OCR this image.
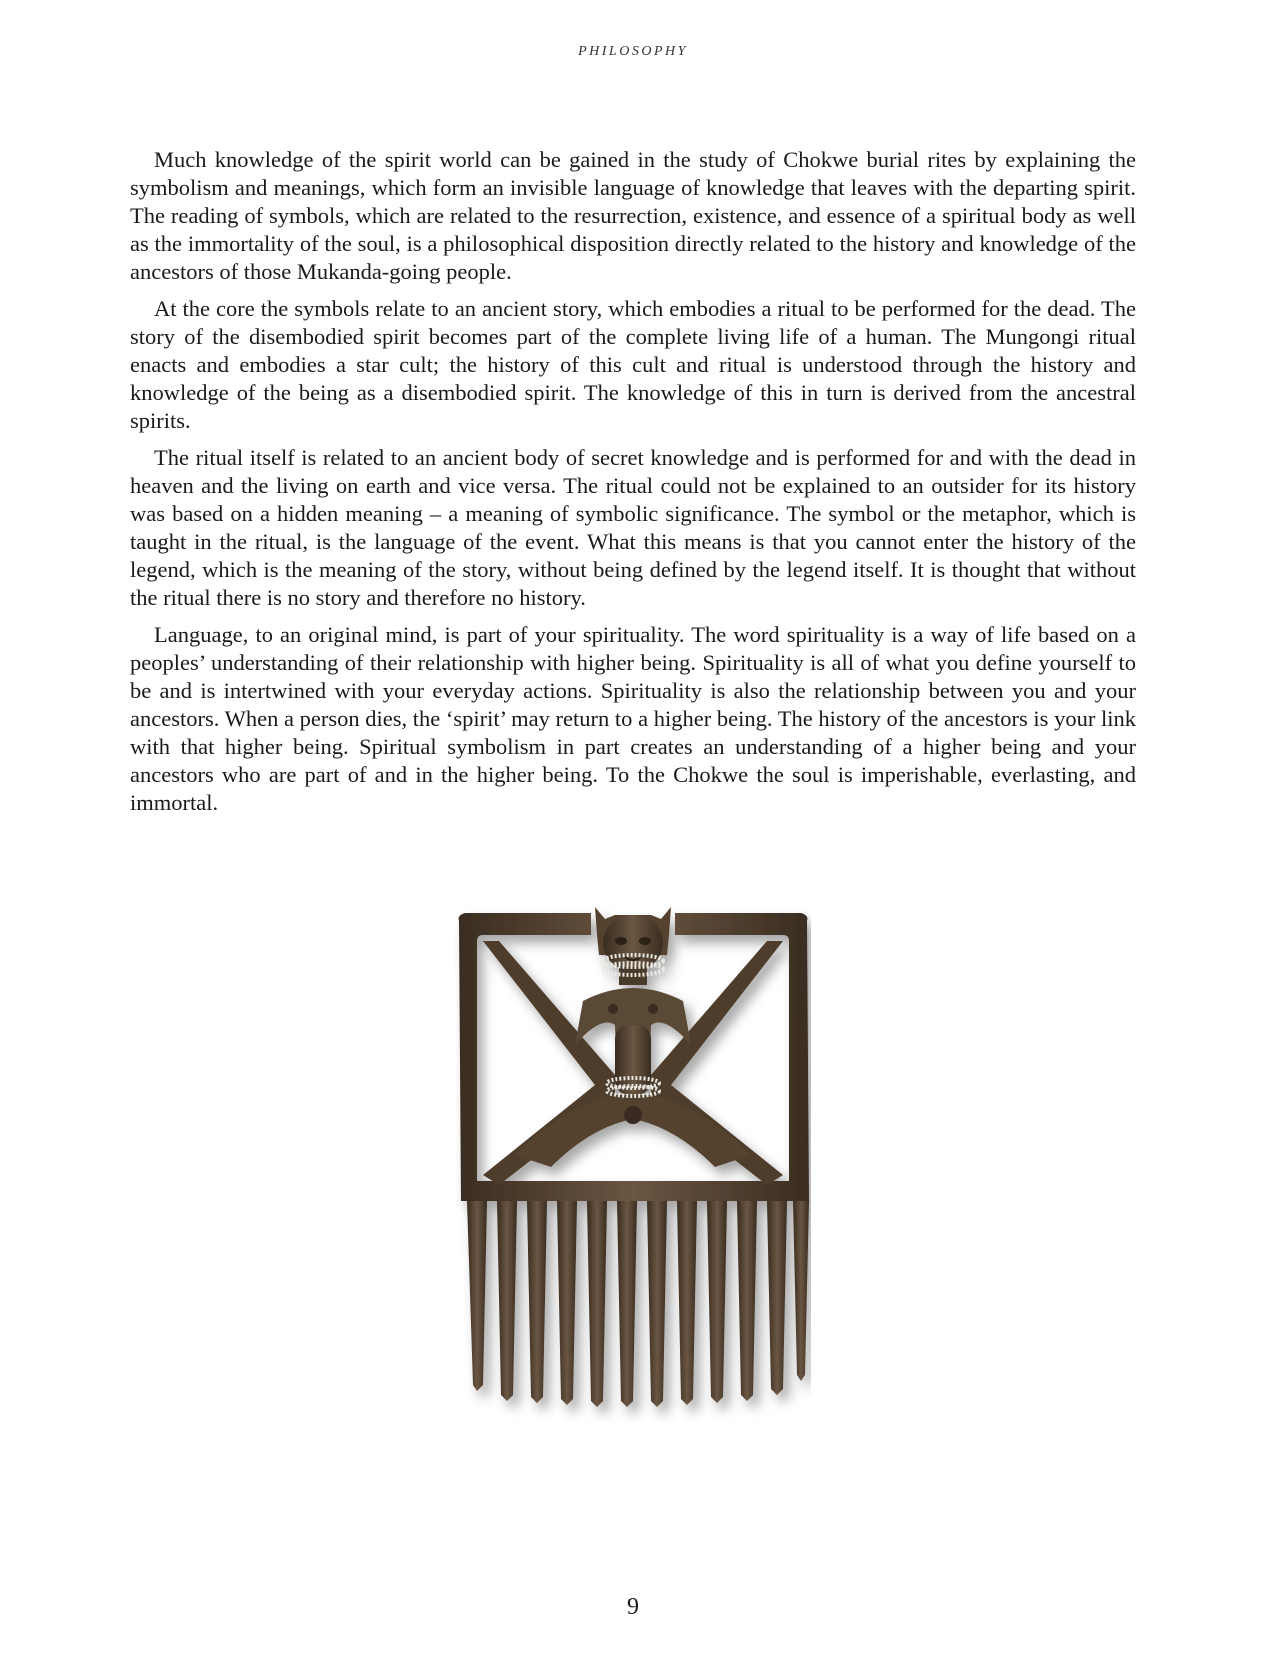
PHILOSOPHY

Much knowledge of the spirit world can be gained in the study of Chokwe burial rites by explaining the symbolism and meanings, which form an invisible language of knowledge that leaves with the departing spirit. The reading of symbols, which are related to the resurrection, existence, and essence of a spiritual body as well as the immortality of the soul, is a philosophical disposition directly related to the history and knowledge of the ancestors of those Mukanda-going people.

At the core the symbols relate to an ancient story, which embodies a ritual to be performed for the dead. The story of the disembodied spirit becomes part of the complete living life of a human. The Mungongi ritual enacts and embodies a star cult; the history of this cult and ritual is understood through the history and knowledge of the being as a disembodied spirit. The knowledge of this in turn is derived from the ancestral spirits.

The ritual itself is related to an ancient body of secret knowledge and is performed for and with the dead in heaven and the living on earth and vice versa. The ritual could not be explained to an outsider for its history was based on a hidden meaning – a meaning of symbolic significance. The symbol or the metaphor, which is taught in the ritual, is the language of the event. What this means is that you cannot enter the history of the legend, which is the meaning of the story, without being defined by the legend itself. It is thought that without the ritual there is no story and therefore no history.

Language, to an original mind, is part of your spirituality. The word spirituality is a way of life based on a peoples’ understanding of their relationship with higher being. Spirituality is all of what you define yourself to be and is intertwined with your everyday actions. Spirituality is also the relationship between you and your ancestors. When a person dies, the ‘spirit’ may return to a higher being. The history of the ancestors is your link with that higher being. Spiritual symbolism in part creates an understanding of a higher being and your ancestors who are part of and in the higher being. To the Chokwe the soul is imperishable, everlasting, and immortal.

9
